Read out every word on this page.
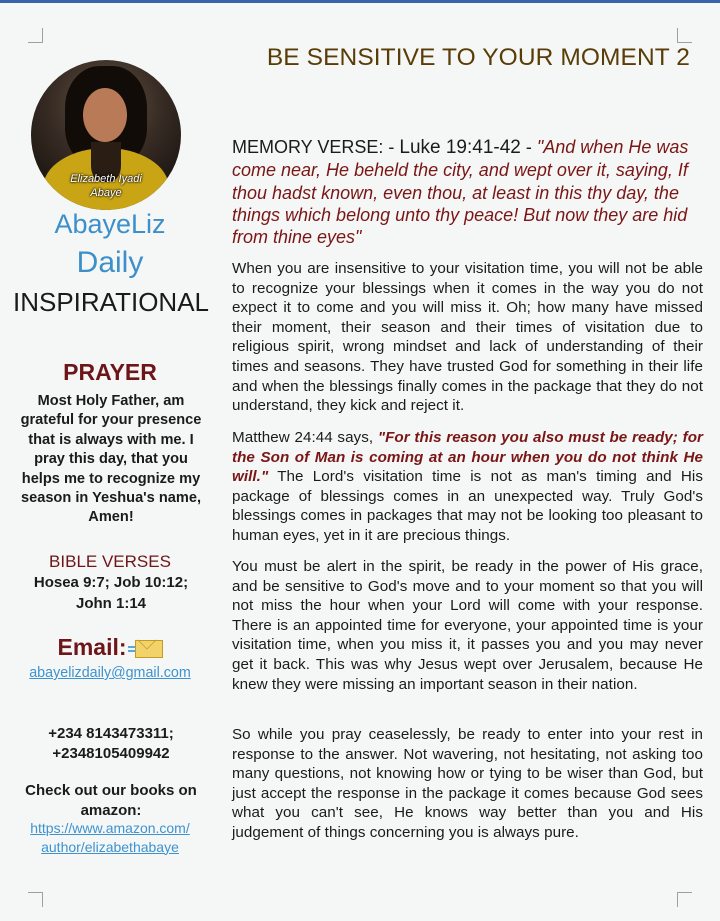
BE SENSITIVE TO YOUR MOMENT 2
Elizabeth Iyadi
Abaye
AbayeLiz
Daily
INSPIRATIONAL
PRAYER
Most Holy Father, am grateful for your presence that is always with me. I pray this day, that you helps me to recognize my season in Yeshua's name, Amen!
BIBLE VERSES
Hosea 9:7; Job 10:12; John 1:14
Email:
abayelizdaily@gmail.com
+234 8143473311;
+2348105409942
Check out our books on amazon:
https://www.amazon.com/
author/elizabethabaye
MEMORY VERSE: - Luke 19:41-42 - "And when He was come near, He beheld the city, and wept over it, saying, If thou hadst known, even thou, at least in this thy day, the things which belong unto thy peace! But now they are hid from thine eyes"
When you are insensitive to your visitation time, you will not be able to recognize your blessings when it comes in the way you do not expect it to come and you will miss it. Oh; how many have missed their moment, their season and their times of visitation due to religious spirit, wrong mindset and lack of understanding of their times and seasons. They have trusted God for something in their life and when the blessings finally comes in the package that they do not understand, they kick and reject it.
Matthew 24:44 says, "For this reason you also must be ready; for the Son of Man is coming at an hour when you do not think He will." The Lord's visitation time is not as man's timing and His package of blessings comes in an unexpected way. Truly God's blessings comes in packages that may not be looking too pleasant to human eyes, yet in it are precious things.
You must be alert in the spirit, be ready in the power of His grace, and be sensitive to God's move and to your moment so that you will not miss the hour when your Lord will come with your response. There is an appointed time for everyone, your appointed time is your visitation time, when you miss it, it passes you and you may never get it back. This was why Jesus wept over Jerusalem, because He knew they were missing an important season in their nation.
So while you pray ceaselessly, be ready to enter into your rest in response to the answer. Not wavering, not hesitating, not asking too many questions, not knowing how or tying to be wiser than God, but just accept the response in the package it comes because God sees what you can't see, He knows way better than you and His judgement of things concerning you is always pure.
